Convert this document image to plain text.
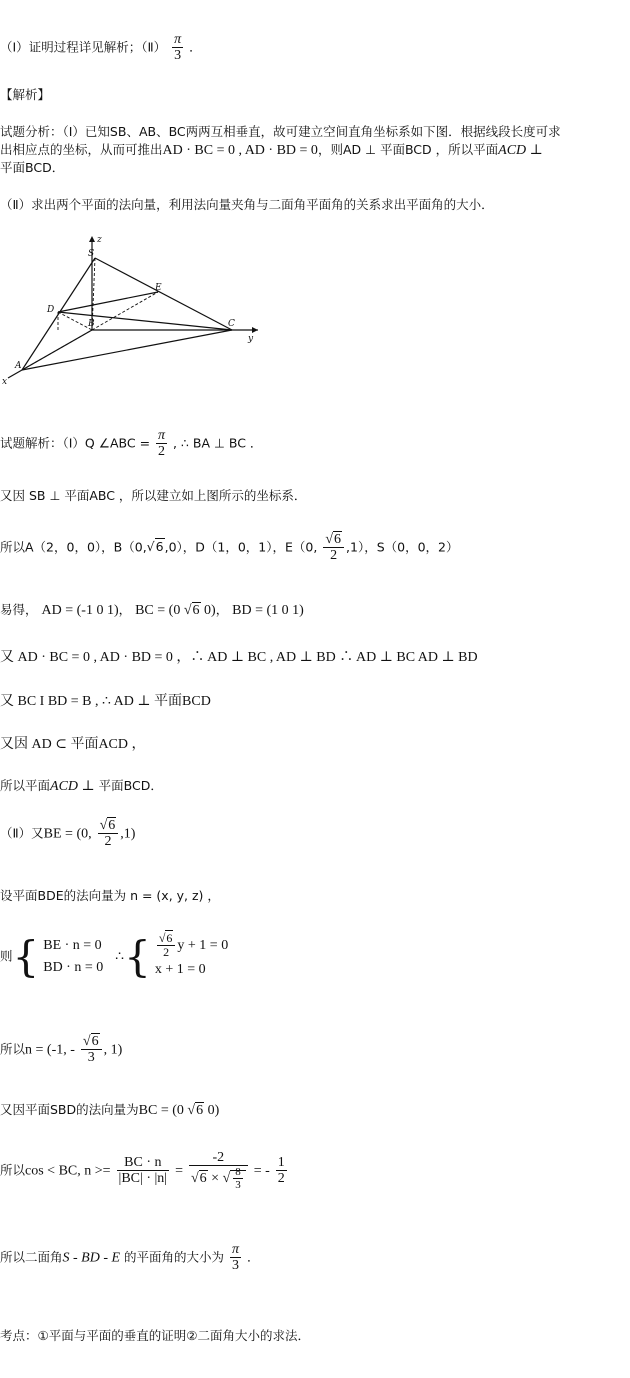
（Ⅰ）证明过程详见解析；（Ⅱ） $\frac{\pi}{3}$ ．
【解析】
试题分析：（Ⅰ）已知SB、AB、BC两两互相垂直，故可建立空间直角坐标系如下图．根据线段长度可求
出相应点的坐标，从而可推出AD · BC = 0 , AD · BD = 0，则AD ⊥ 平面BCD ，所以平面ACD ⊥
平面BCD．
（Ⅱ）求出两个平面的法向量，利用法向量夹角与二面角平面角的关系求出平面角的大小．
z
S
E
D
B	C
y
A
x
试题解析：（Ⅰ）Q ∠ABC = $\frac{\pi}{2}$ , ∴ BA ⊥ BC ．
又因 SB ⊥ 平面ABC ，所以建立如上图所示的坐标系．
所以A（2，0，0），B（0, √ 6,0），D（1，0，1），E（0, √ $\frac{6}{2} ,1$），S（0，0，2）
易得， AD = (-1 0 1)， BC = (0 √ 6 0)， BD = (1 0 1)
又 AD · BC = 0 , AD · BD = 0 ，∴ AD ⊥ BC , AD ⊥ BD ∴ AD ⊥ BC AD ⊥ BD
又 BC I BD = B , ∴ AD ⊥ 平面BCD
又因 AD ⊂ 平面ACD ，
所以平面ACD ⊥ 平面BCD．
（Ⅱ）又BE = (0, √ $\frac{6}{2} ,1$)
设平面BDE的法向量为 n = (x, y, z) ，
则{ BE · n = 0
BD · n = 0   ∴{ √ $\frac{6}{2}$ y + 1 = 0
x + 1 = 0
所以n = (-1, - √ $\frac{6}{3}$ , 1)
又因平面SBD的法向量为BC = (0 √ 6 0)
所以cos < BC, $n >= \frac{BC \cdot n}{|BC| \cdot |n|} = -2$
√ 6 × √ $\frac{8}{3}$ = - $\frac{1}{2}$
所以二面角S - BD - E 的平面角的大小为 $\frac{\pi}{3}$ ．
考点：①平面与平面的垂直的证明②二面角大小的求法．
